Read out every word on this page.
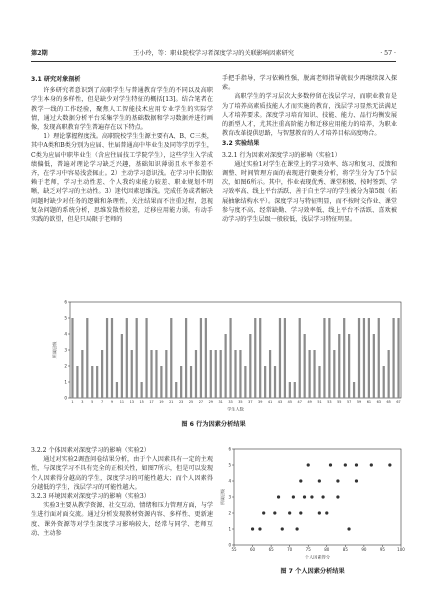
第2期	王小玲，等：职业院校学习者深度学习的关联影响因素研究	· 57 ·

3.1 研究对象剖析

许多研究者意识到了高职学生与普通教育学生的不同以及高职学生本身的多样性，但是缺少对学生特征的概括[13]。结合笔者在教学一线的工作经验，聚焦人工智能技术应用专业学生的实际学情，通过大数据分析平台采集学生的基础数据和学习数据并进行画像，发现高职教育学生普遍存在以下特点。

1）理论掌握程度浅。高职院校学生生源主要有A、B、C三类，其中A类和B类分别为应届、往届普通高中毕业生及同等学历学生，C类为应届中职毕业生（含应往届技工学院学生），这些学生入学成绩偏低，普遍对理论学习缺乏兴趣，基础知识薄弱且水平参差不齐，在学习中容易浅尝辄止。2）主动学习意识浅。在学习中长期依赖于老师，学习主动性差、个人我约束能力较差、职业规划不明晰，缺乏对学习的主动性。3）迷代因素思维浅。完成任务或者解决问题时缺少对任务的逻辑和条理性，关注结果而不注重过程，忽视复杂问题的系统分析，思维发散性较差，迁移应用能力弱，有动手实践的欲望，但是只局限于老师的

手把手指导，学习依赖性强，脱离老师指导就很少再继续深入探索。

高职学生的学习层次大多数停留在浅层学习，而职业教育是为了培养高素质技能人才而实施的教育，浅层学习显然无法满足人才培养要求。深度学习培育知识、技能、能力、品行均衡发展的新型人才，尤其注重高阶能力和迁移应用能力的培养，为职业教育改革提供思路，与智慧教育的人才培养目标高度吻合。

3.2 实验结果

3.2.1 行为因素对深度学习的影响（实验1）

通过实验1对学生在课堂上的学习效率、练习和复习、反馈和调整、时间管理方面的表现进行聚类分析，将学生分为了5个层次，如图6所示。其中，作业表现优秀、课堂积极、按时签到、学习效率高、线上平台活跃、善于自主学习的学生被分为第5级（拓展抽象结构水平）。深度学习与特征明显，而不按时交作业、课堂参与度不高、经常缺勤、学习效率低、线上平台不活跃、喜欢被动学习的学生层级一般较低，浅层学习特征明显。

0
1
2
3
4
5
6
所属层级
1 3 5 7 9 11 13 15 17 19 21 23 25 27 29 31 33 35 37 39 41 43 45 47 49 51 53 55 57 59 61 63 65 67
学生人数
图 6 行为因素分析结果

3.2.2 个体因素对深度学习的影响（实验2）

通过对实验2调查问卷结果分析，由于个人因素具有一定的主观性，与深度学习不具有完全的正相关性，如图7所示，但是可以发现个人因素得分越高的学生，深度学习的可能性越大；而个人因素得分越低的学生，浅层学习的可能性越大。

3.2.3 环境因素对深度学习的影响（实验3）

实验3主要从教学资源、社交互动、情绪和压力管理方面，与学生进行面对面交流。通过分析发现教材资源内容、多样性、更新速度、课外资源等对学生深度学习影响较大，经常与同学、老师互动、主动参

0
1
2
3
4
5
6
55	60	65	70	75	80	85	90	95	100
所属层级
个人因素得分
图 7 个人因素分析结果
